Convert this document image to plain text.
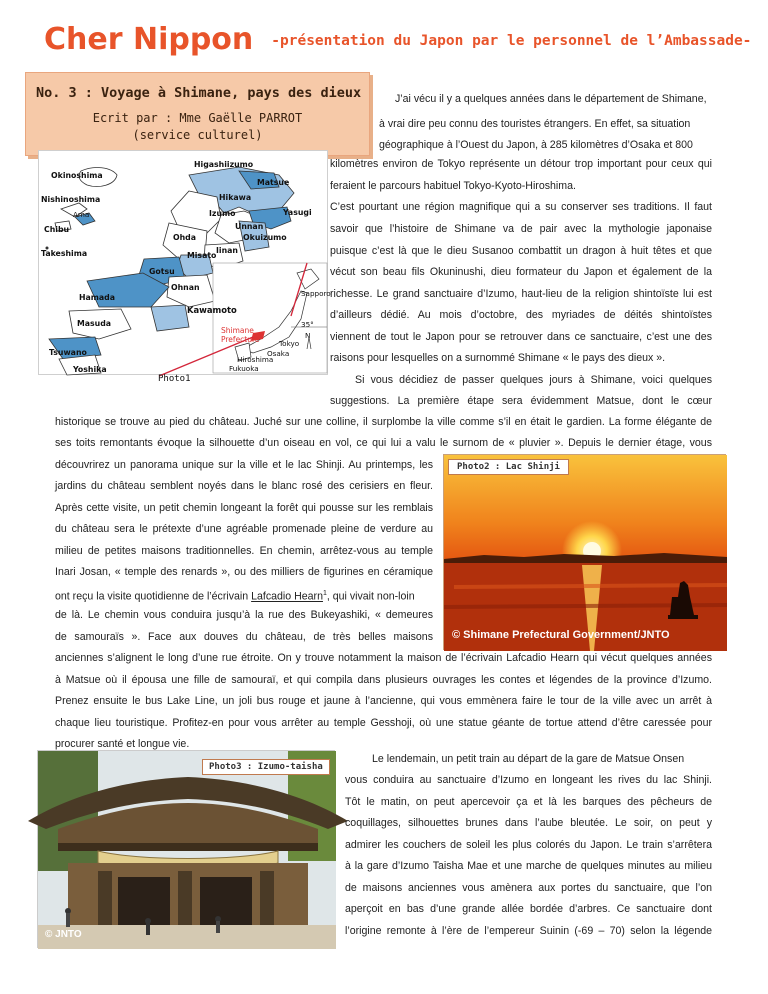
Cher Nippon -présentation du Japon par le personnel de l’Ambassade-
No. 3 : Voyage à Shimane, pays des dieux
Ecrit par : Mme Gaëlle PARROT
(service culturel)
J’ai vécu il y a quelques années dans le département de Shimane,
à vrai dire peu connu des touristes étrangers. En effet, sa situation
géographique à l’Ouest du Japon, à 285 kilomètres d’Osaka et 800
kilomètres environ de Tokyo représente un détour trop important pour ceux qui
feraient le parcours habituel Tokyo-Kyoto-Hiroshima.
C’est pourtant une région magnifique qui a su conserver ses traditions. Il faut
savoir que l’histoire de Shimane va de pair avec la mythologie japonaise
puisque c’est là que le dieu Susanoo combattit un dragon à huit têtes et que
vécut son beau fils Okuninushi, dieu formateur du Japon et également de la
richesse. Le grand sanctuaire d’Izumo, haut-lieu de la religion shintoïste lui est
d’ailleurs dédié. Au mois d’octobre, des myriades de déités shintoïstes
viennent de tout le Japon pour se retrouver dans ce sanctuaire, c’est une des
raisons pour lesquelles on a surnommé Shimane « le pays des dieux ».
Si vous décidiez de passer quelques jours à Shimane, voici quelques
suggestions. La première étape sera évidemment Matsue, dont le cœur
Okinoshima
Higashiizumo
Matsue
Nishinoshima	Hikawa
Yasugi
Ama	Izumo
Chibu	Unnan
Ohda	Okuizumo
Iinan
Misato
Gotsu
Takeshima
Ohnan
Hamada
Kawamoto
Masuda
Tsuwano
Yoshika
Sapporo
Shimane
Prefecture
35°
N
Tokyo
Osaka
Hiroshima
Fukuoka
Photo1
historique se trouve au pied du château. Juché sur une colline, il surplombe la ville comme s’il en était le gardien. La forme élégante de
ses toits remontants évoque la silhouette d’un oiseau en vol, ce qui lui a valu le surnom de « pluvier ». Depuis le dernier étage, vous
découvrirez un panorama unique sur la ville et le lac Shinji. Au printemps, les
jardins du château semblent noyés dans le blanc rosé des cerisiers en fleur.
Après cette visite, un petit chemin longeant la forêt qui pousse sur les remblais
du château sera le prétexte d’une agréable promenade pleine de verdure au
milieu de petites maisons traditionnelles. En chemin, arrêtez-vous au temple
Inari Josan, « temple des renards », ou des milliers de figurines en céramique
ont reçu la visite quotidienne de l’écrivain Lafcadio Hearn$^1$, qui vivait non-loin
de là. Le chemin vous conduira jusqu’à la rue des Bukeyashiki, « demeures
de samouraïs ». Face aux douves du château, de très belles maisons
anciennes s’alignent le long d’une rue étroite. On y trouve notamment la maison de l’écrivain Lafcadio Hearn qui vécut quelques années
à Matsue où il épousa une fille de samouraï, et qui compila dans plusieurs ouvrages les contes et légendes de la province d’Izumo.
Prenez ensuite le bus Lake Line, un joli bus rouge et jaune à l’ancienne, qui vous emmènera faire le tour de la ville avec un arrêt à
chaque lieu touristique. Profitez-en pour vous arrêter au temple Gesshoji, où une statue géante de tortue attend d’être caressée pour
procurer santé et longue vie.
Photo2 : Lac Shinji
© Shimane Prefectural Government/JNTO
Photo3 : Izumo-taisha
© JNTO
Le lendemain, un petit train au départ de la gare de Matsue Onsen
vous conduira au sanctuaire d’Izumo en longeant les rives du lac Shinji.
Tôt le matin, on peut apercevoir ça et là les barques des pêcheurs de
coquillages, silhouettes brunes dans l’aube bleutée. Le soir, on peut y
admirer les couchers de soleil les plus colorés du Japon. Le train s’arrêtera
à la gare d’Izumo Taisha Mae et une marche de quelques minutes au milieu
de maisons anciennes vous amènera aux portes du sanctuaire, que l’on
aperçoit en bas d’une grande allée bordée d’arbres. Ce sanctuaire dont
l’origine remonte à l’ère de l’empereur Suinin (-69 – 70) selon la légende
